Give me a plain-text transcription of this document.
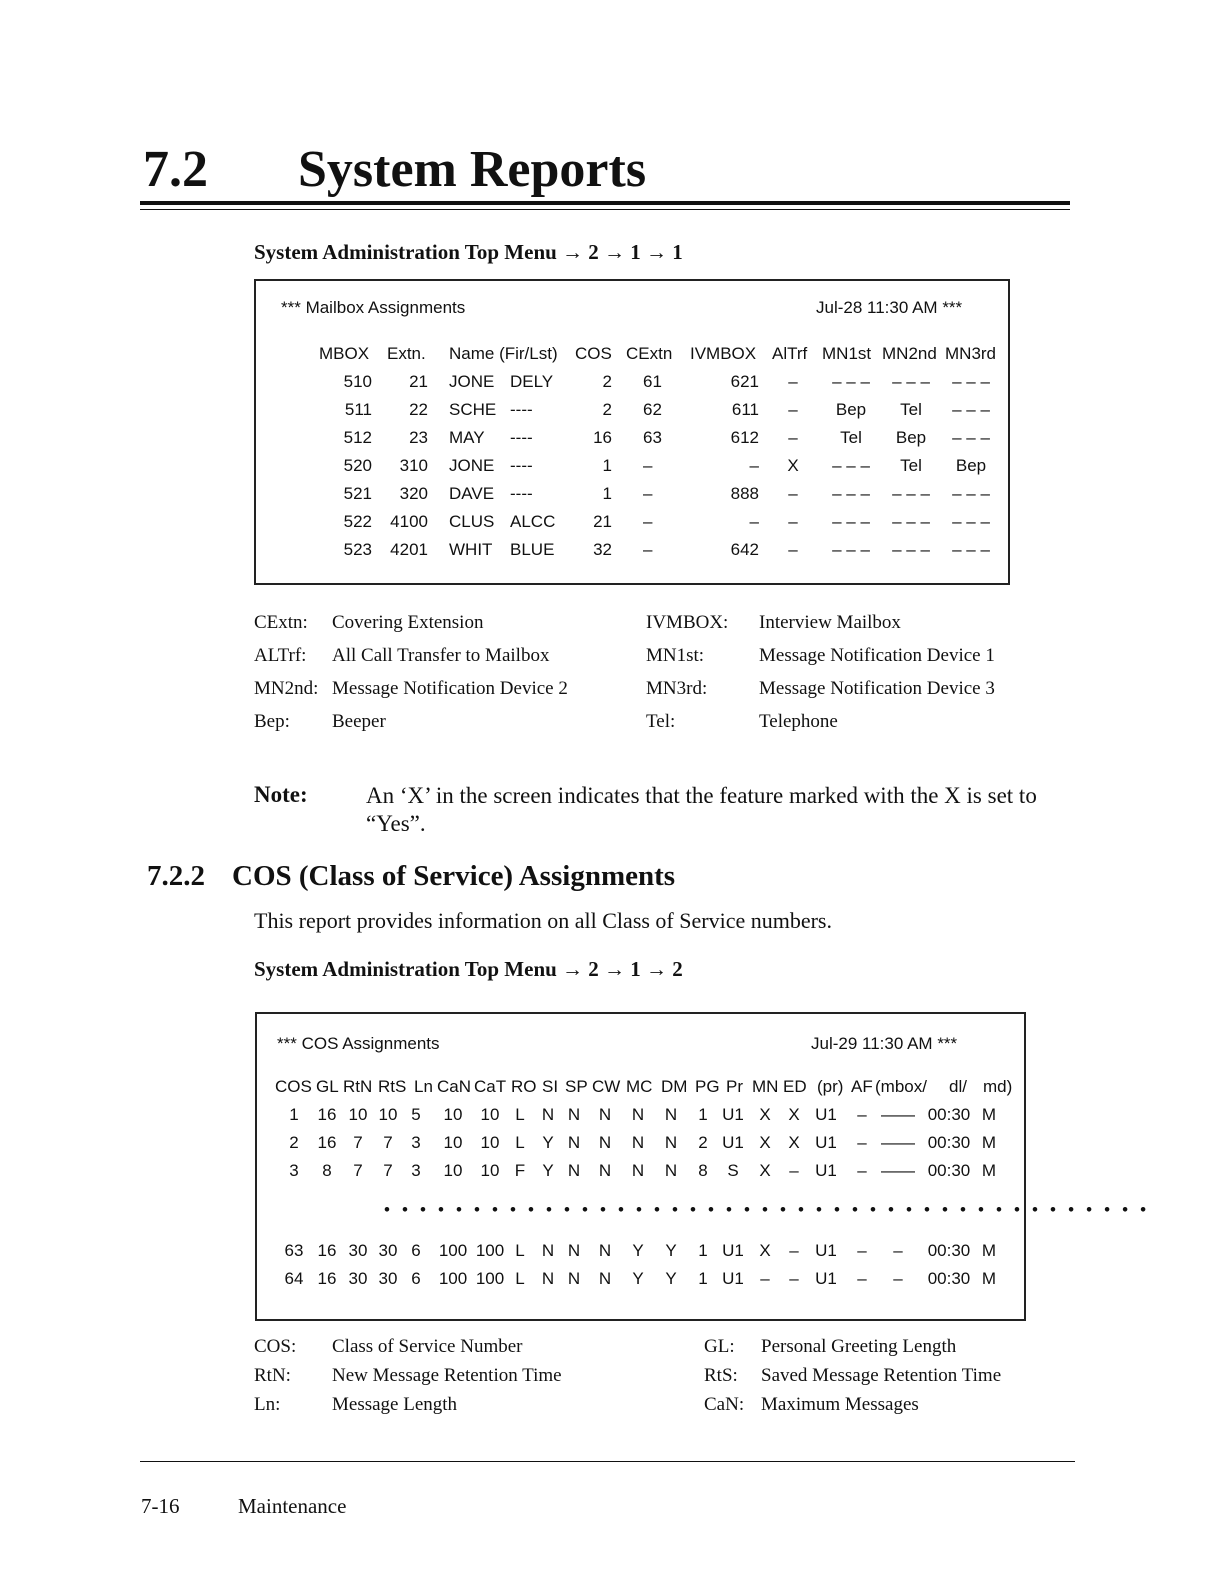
7.2 System Reports
System Administration Top Menu → 2 → 1 → 1
*** Mailbox Assignments	Jul-28 11:30 AM ***
MBOX Extn. Name (Fir/Lst) COS CExtn IVMBOX AlTrf MN1st MN2nd MN3rd
510	21 JONE DELY	2 61	621	–	– – –	– – –	– – –
511	22 SCHE ----	2 62	611	–	Bep	Tel	– – –
512	23 MAY ----	16 63	612	–	Tel	Bep	– – –
520	310 JONE ----	1 –	– X	– – –	Tel	Bep
521	320 DAVE ----	1 –	888	–	– – –	– – –	– – –
522	4100 CLUS ALCC	21 –	–	–	– – –	– – –	– – –
523	4201 WHIT BLUE	32 –	642	–	– – –	– – –	– – –
CExtn: Covering Extension	IVMBOX: Interview Mailbox
ALTrf: All Call Transfer to Mailbox	MN1st:	Message Notification Device 1
MN2nd: Message Notification Device 2	MN3rd:	Message Notification Device 3
Bep: Beeper	Tel:	Telephone
Note:	An ‘X’ in the screen indicates that the feature marked with the X is set to “Yes”.
7.2.2 COS (Class of Service) Assignments
This report provides information on all Class of Service numbers.
System Administration Top Menu → 2 → 1 → 2
*** COS Assignments	Jul-29 11:30 AM ***
COS GL RtN RtS Ln CaN CaT RO SI SP CW MC DM PG Pr MN ED (pr) AF (mbox/ dl/ md)
1	16 10 10 5	10	10 L	N N	N	N	N	1 U1 X	X U1	– —— 00:30 M
2	16 7	7	3	10	10 L	Y N	N	N	N	2 U1 X	X U1	– —— 00:30 M
3	8	7	7	3	10	10 F	Y N	N	N	N	8	S	X	– U1	– —— 00:30 M
63 16 30 30 6	100 100 L	N N	N	Y	Y	1 U1 X	– U1	–	–	00:30 M
64 16 30 30 6	100 100 L	N N	N	Y	Y	1 U1 –	– U1	–	–	00:30 M
• • • • • • • • • • • • • • • • • • • • • • • • • • • • • • • • • • • • • • • • • • •
COS: Class of Service Number	GL: Personal Greeting Length
RtN: New Message Retention Time	RtS: Saved Message Retention Time
Ln:	Message Length	CaN: Maximum Messages
7-16	Maintenance
